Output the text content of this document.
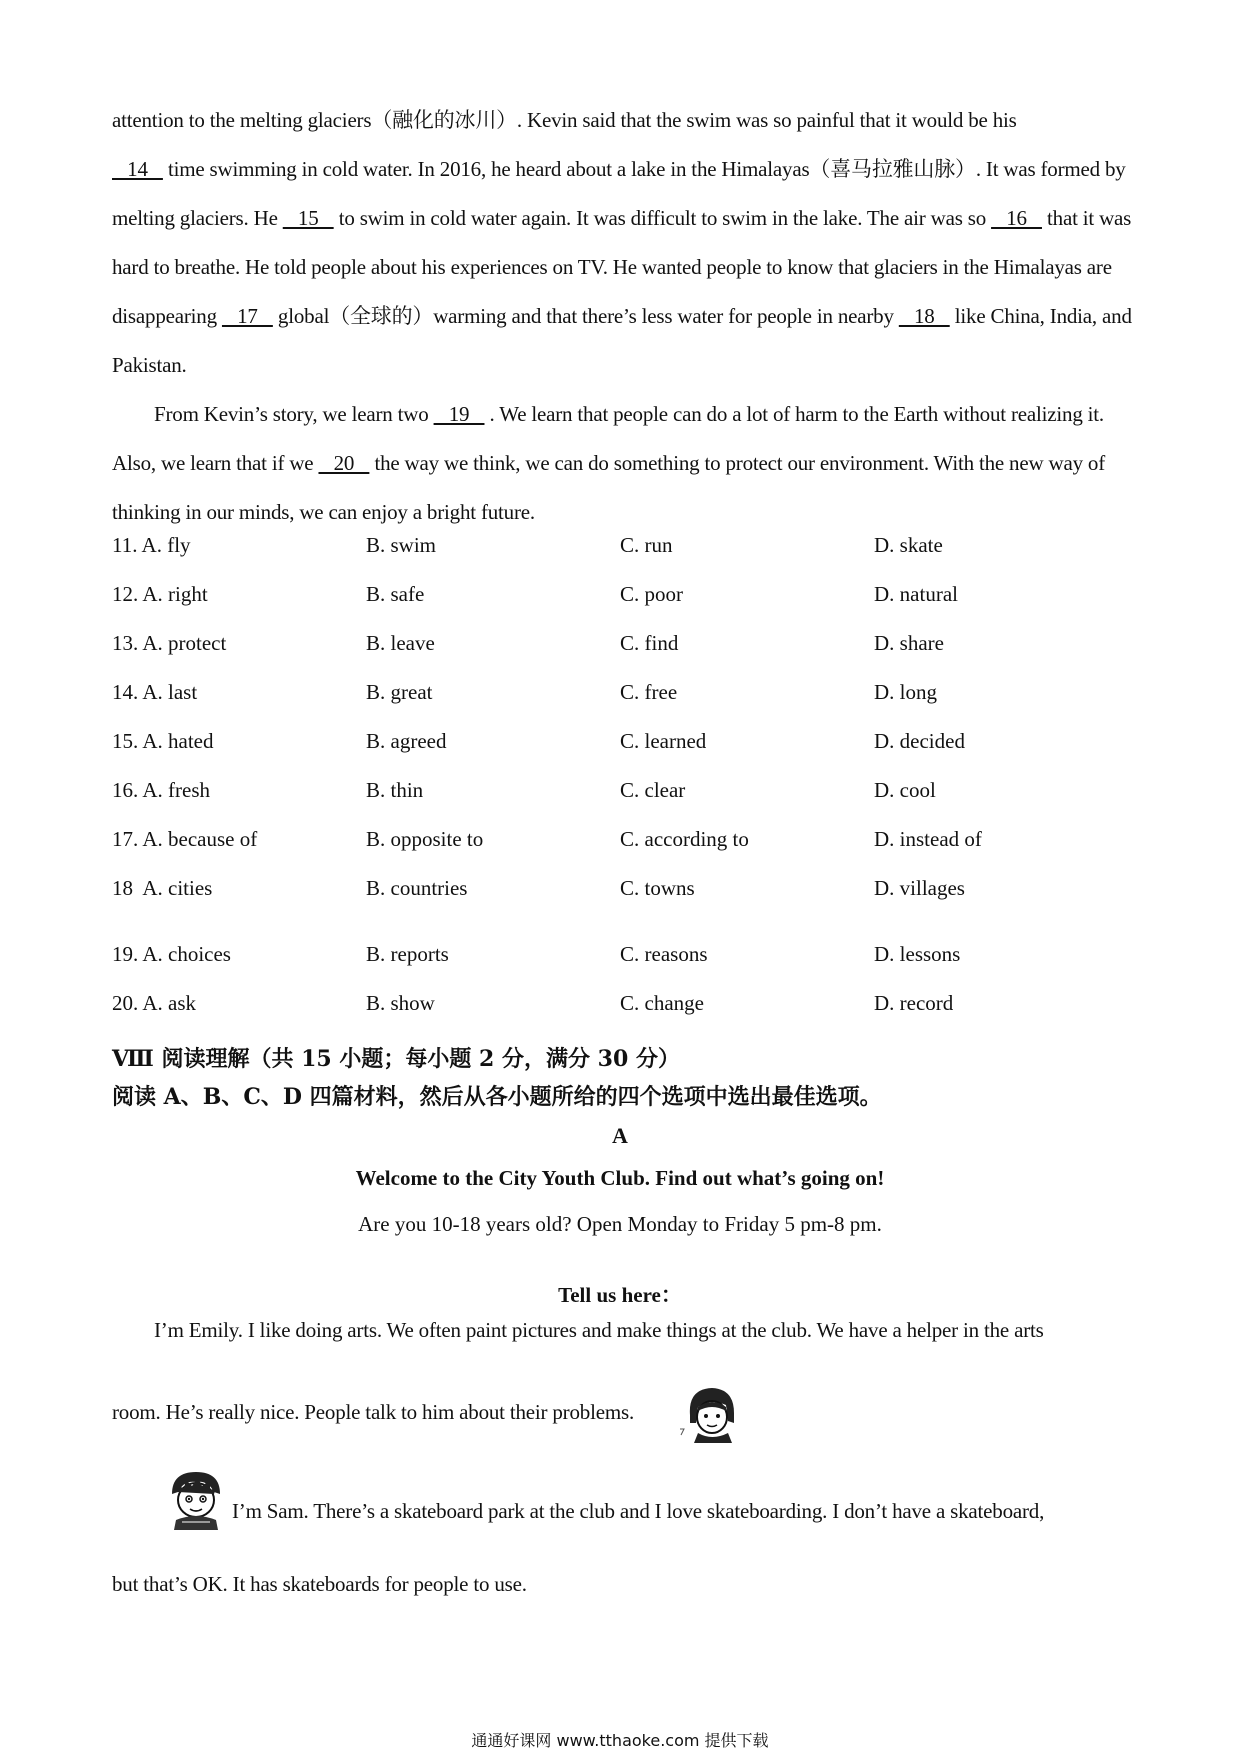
attention to the melting glaciers（融化的冰川）. Kevin said that the swim was so painful that it would be his
14    time swimming in cold water. In 2016, he heard about a lake in the Himalayas（喜马拉雅山脉）. It was formed by melting glaciers. He    15    to swim in cold water again. It was difficult to swim in the lake. The air was so    16    that it was hard to breathe. He told people about his experiences on TV. He wanted people to know that glaciers in the Himalayas are disappearing    17    global（全球的）warming and that there’s less water for people in nearby    18    like China, India, and Pakistan.
From Kevin’s story, we learn two    19    . We learn that people can do a lot of harm to the Earth without realizing it. Also, we learn that if we    20    the way we think, we can do something to protect our environment. With the new way of thinking in our minds, we can enjoy a bright future.
11. A. fly	B. swim	C. run	D. skate
12. A. right	B. safe	C. poor	D. natural
13. A. protect	B. leave	C. find	D. share
14. A. last	B. great	C. free	D. long
15. A. hated	B. agreed	C. learned	D. decided
16. A. fresh	B. thin	C. clear	D. cool
17. A. because of	B. opposite to	C. according to	D. instead of
18  A. cities	B. countries	C. towns	D. villages
19. A. choices	B. reports	C. reasons	D. lessons
20. A. ask	B. show	C. change	D. record
Ⅷ 阅读理解（共 15 小题；每小题 2 分，满分 30 分）
阅读 A、B、C、D 四篇材料，然后从各小题所给的四个选项中选出最佳选项。
A
Welcome to the City Youth Club. Find out what’s going on!
Are you 10-18 years old? Open Monday to Friday 5 pm-8 pm.
Tell us here：
I’m Emily. I like doing arts. We often paint pictures and make things at the club. We have a helper in the arts
room. He’s really nice. People talk to him about their problems.
I’m Sam. There’s a skateboard park at the club and I love skateboarding. I don’t have a skateboard,
but that’s OK. It has skateboards for people to use.
通通好课网 www.tthaoke.com 提供下载
